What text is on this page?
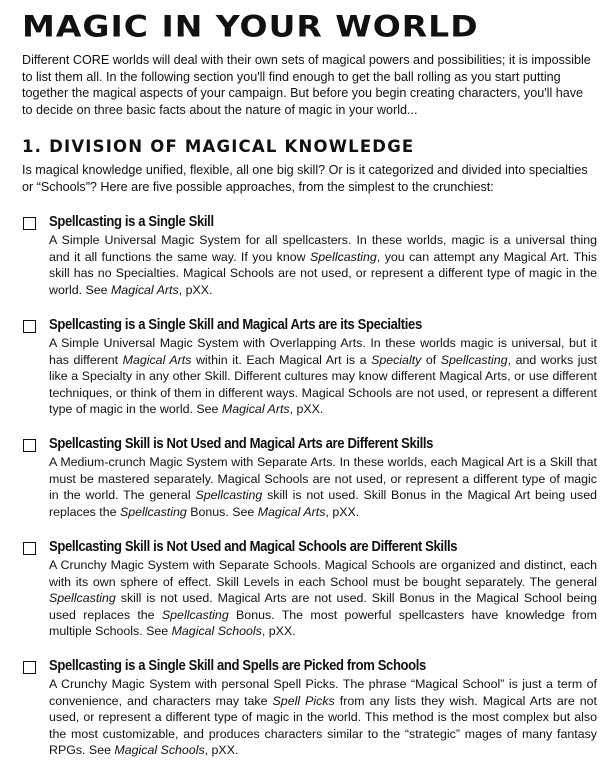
MAGIC IN YOUR WORLD
Different CORE worlds will deal with their own sets of magical powers and possibilities; it is impossible to list them all. In the following section you'll find enough to get the ball rolling as you start putting together the magical aspects of your campaign. But before you begin creating characters, you'll have to decide on three basic facts about the nature of magic in your world...
1. DIVISION OF MAGICAL KNOWLEDGE
Is magical knowledge unified, flexible, all one big skill? Or is it categorized and divided into specialties or “Schools”? Here are five possible approaches, from the simplest to the crunchiest:
Spellcasting is a Single Skill
A Simple Universal Magic System for all spellcasters. In these worlds, magic is a universal thing and it all functions the same way. If you know Spellcasting, you can attempt any Magical Art. This skill has no Specialties. Magical Schools are not used, or represent a different type of magic in the world. See Magical Arts, pXX.
Spellcasting is a Single Skill and Magical Arts are its Specialties
A Simple Universal Magic System with Overlapping Arts. In these worlds magic is universal, but it has different Magical Arts within it. Each Magical Art is a Specialty of Spellcasting, and works just like a Specialty in any other Skill. Different cultures may know different Magical Arts, or use different techniques, or think of them in different ways. Magical Schools are not used, or represent a different type of magic in the world. See Magical Arts, pXX.
Spellcasting Skill is Not Used and Magical Arts are Different Skills
A Medium-crunch Magic System with Separate Arts. In these worlds, each Magical Art is a Skill that must be mastered separately. Magical Schools are not used, or represent a different type of magic in the world. The general Spellcasting skill is not used. Skill Bonus in the Magical Art being used replaces the Spellcasting Bonus. See Magical Arts, pXX.
Spellcasting Skill is Not Used and Magical Schools are Different Skills
A Crunchy Magic System with Separate Schools. Magical Schools are organized and distinct, each with its own sphere of effect. Skill Levels in each School must be bought separately. The general Spellcasting skill is not used. Magical Arts are not used. Skill Bonus in the Magical School being used replaces the Spellcasting Bonus. The most powerful spellcasters have knowledge from multiple Schools. See Magical Schools, pXX.
Spellcasting is a Single Skill and Spells are Picked from Schools
A Crunchy Magic System with personal Spell Picks. The phrase “Magical School” is just a term of convenience, and characters may take Spell Picks from any lists they wish. Magical Arts are not used, or represent a different type of magic in the world. This method is the most complex but also the most customizable, and produces characters similar to the “strategic” mages of many fantasy RPGs. See Magical Schools, pXX.
